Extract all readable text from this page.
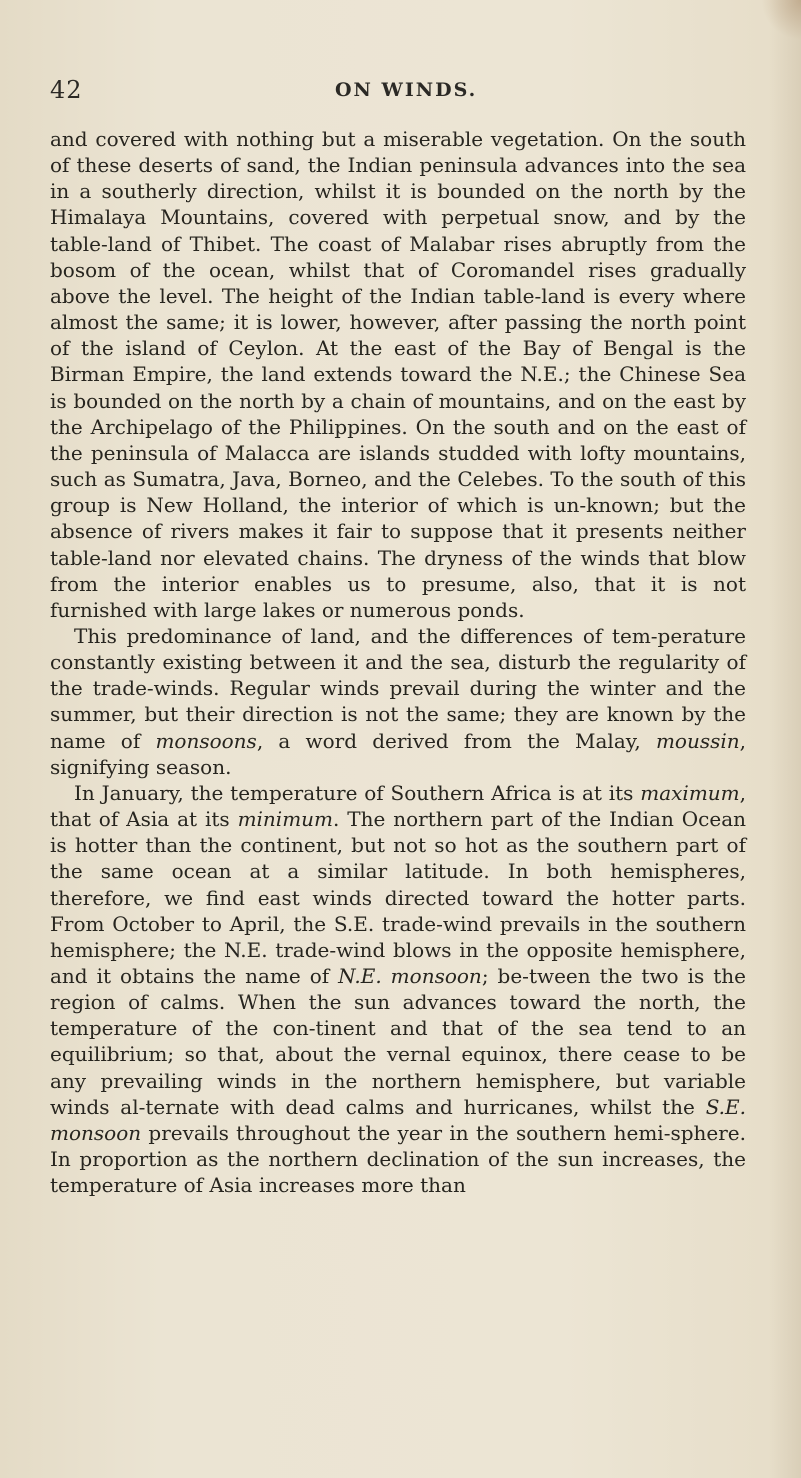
42	ON WINDS.

and covered with nothing but a miserable vegetation. On the south of these deserts of sand, the Indian peninsula advances into the sea in a southerly direction, whilst it is bounded on the north by the Himalaya Mountains, covered with perpetual snow, and by the table-land of Thibet. The coast of Malabar rises abruptly from the bosom of the ocean, whilst that of Coromandel rises gradually above the level. The height of the Indian table-land is every where almost the same; it is lower, however, after passing the north point of the island of Ceylon. At the east of the Bay of Bengal is the Birman Empire, the land extends toward the N.E.; the Chinese Sea is bounded on the north by a chain of mountains, and on the east by the Archipelago of the Philippines. On the south and on the east of the peninsula of Malacca are islands studded with lofty mountains, such as Sumatra, Java, Borneo, and the Celebes. To the south of this group is New Holland, the interior of which is un-known; but the absence of rivers makes it fair to suppose that it presents neither table-land nor elevated chains. The dryness of the winds that blow from the interior enables us to presume, also, that it is not furnished with large lakes or numerous ponds.

This predominance of land, and the differences of tem-perature constantly existing between it and the sea, disturb the regularity of the trade-winds. Regular winds prevail during the winter and the summer, but their direction is not the same; they are known by the name of monsoons, a word derived from the Malay, moussin, signifying season.

In January, the temperature of Southern Africa is at its maximum, that of Asia at its minimum. The northern part of the Indian Ocean is hotter than the continent, but not so hot as the southern part of the same ocean at a similar latitude. In both hemispheres, therefore, we find east winds directed toward the hotter parts. From October to April, the S.E. trade-wind prevails in the southern hemisphere; the N.E. trade-wind blows in the opposite hemisphere, and it obtains the name of N.E. monsoon; be-tween the two is the region of calms. When the sun advances toward the north, the temperature of the con-tinent and that of the sea tend to an equilibrium; so that, about the vernal equinox, there cease to be any prevailing winds in the northern hemisphere, but variable winds al-ternate with dead calms and hurricanes, whilst the S.E. monsoon prevails throughout the year in the southern hemi-sphere. In proportion as the northern declination of the sun increases, the temperature of Asia increases more than
